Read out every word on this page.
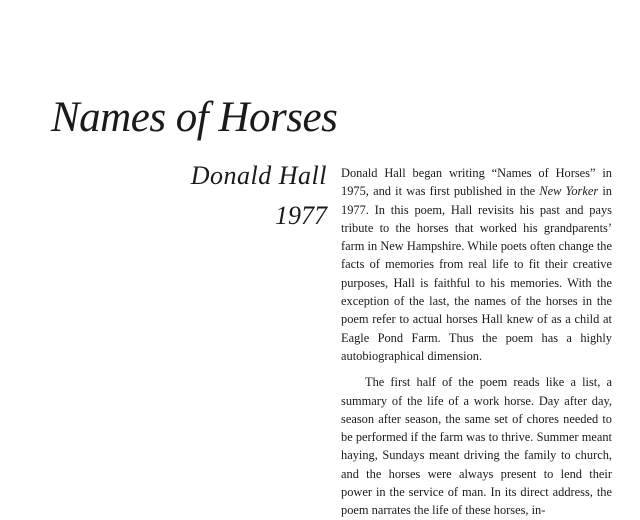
Names of Horses
Donald Hall
1977

Donald Hall began writing “Names of Horses” in 1975, and it was first published in the New Yorker in 1977. In this poem, Hall revisits his past and pays tribute to the horses that worked his grandparents’ farm in New Hampshire. While poets often change the facts of memories from real life to fit their creative purposes, Hall is faithful to his memories. With the exception of the last, the names of the horses in the poem refer to actual horses Hall knew of as a child at Eagle Pond Farm. Thus the poem has a highly autobiographical dimension.

The first half of the poem reads like a list, a summary of the life of a work horse. Day after day, season after season, the same set of chores needed to be performed if the farm was to thrive. Summer meant haying, Sundays meant driving the family to church, and the horses were always present to lend their power in the service of man. In its direct address, the poem narrates the life of these horses, in-
